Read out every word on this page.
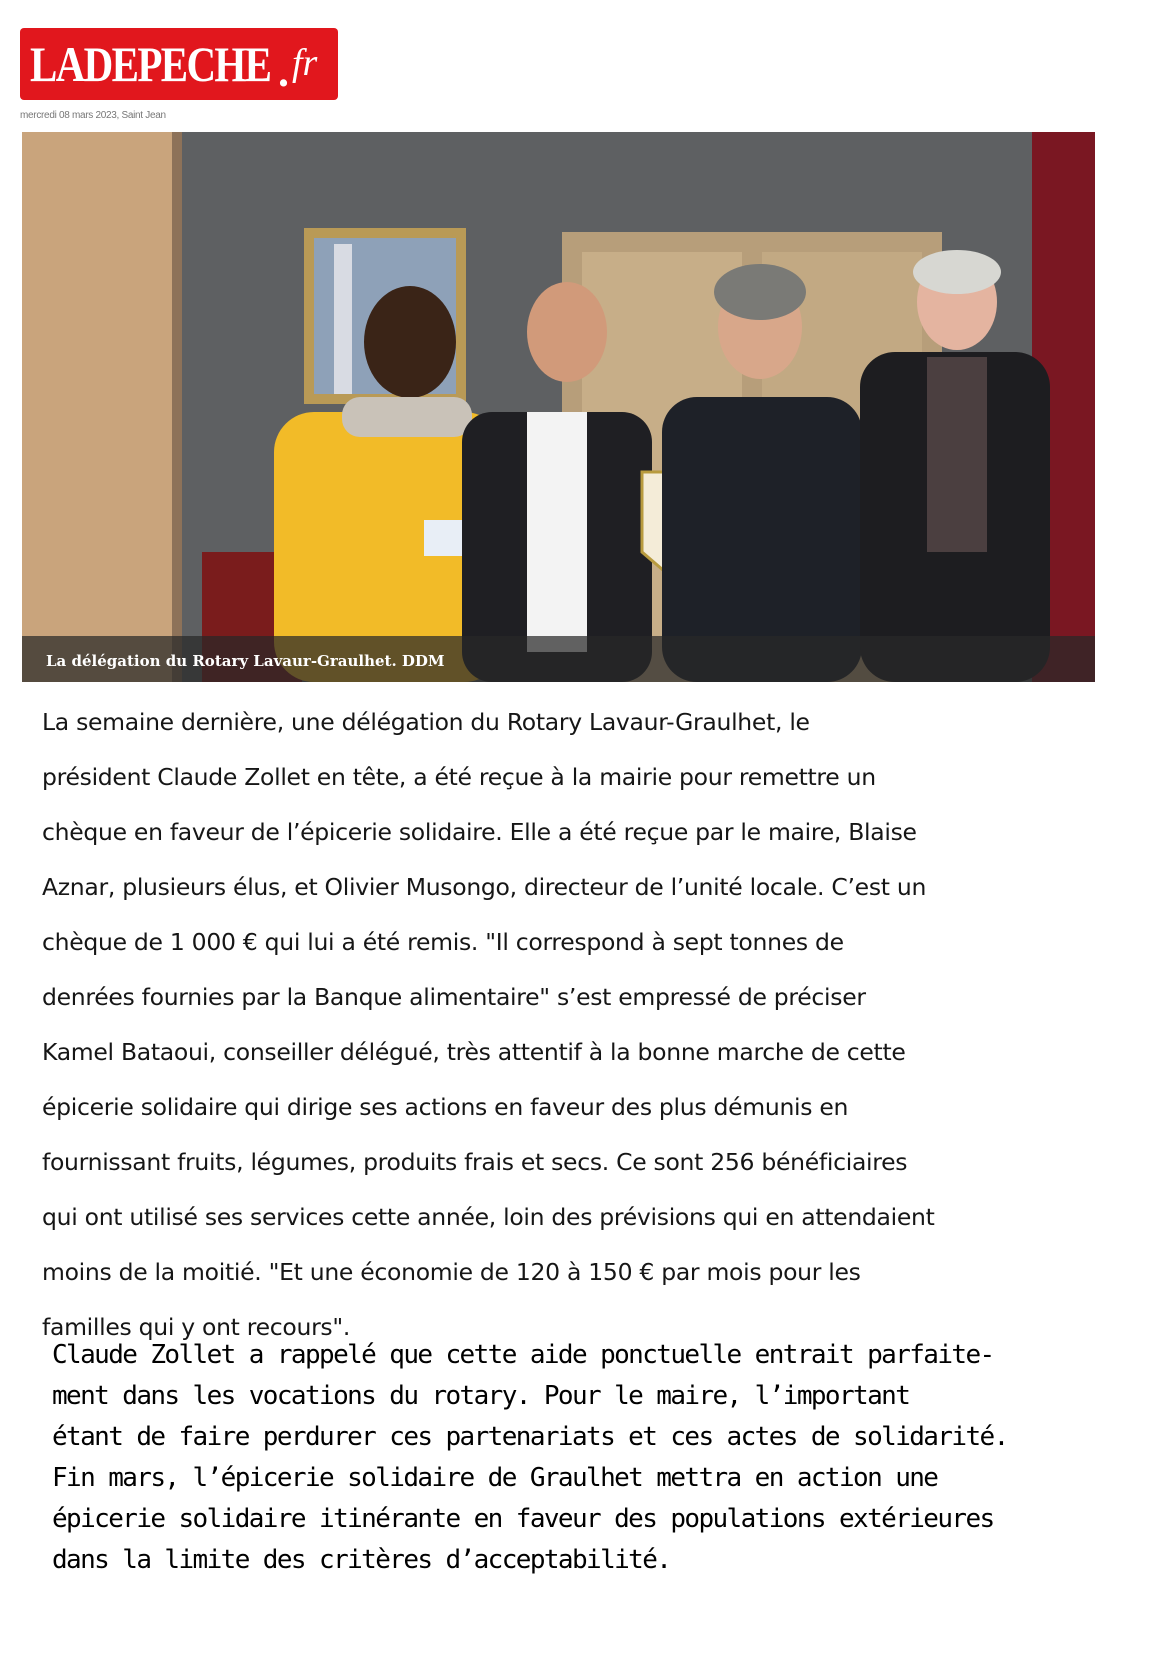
LADEPECHE . fr
mercredi 08 mars 2023, Saint Jean
La délégation du Rotary Lavaur-Graulhet. DDM
La semaine dernière, une délégation du Rotary Lavaur-Graulhet, le
président Claude Zollet en tête, a été reçue à la mairie pour remettre un
chèque en faveur de l’épicerie solidaire. Elle a été reçue par le maire, Blaise
Aznar, plusieurs élus, et Olivier Musongo, directeur de l’unité locale. C’est un
chèque de 1 000 € qui lui a été remis. "Il correspond à sept tonnes de
denrées fournies par la Banque alimentaire" s’est empressé de préciser
Kamel Bataoui, conseiller délégué, très attentif à la bonne marche de cette
épicerie solidaire qui dirige ses actions en faveur des plus démunis en
fournissant fruits, légumes, produits frais et secs. Ce sont 256 bénéficiaires
qui ont utilisé ses services cette année, loin des prévisions qui en attendaient
moins de la moitié. "Et une économie de 120 à 150 € par mois pour les
familles qui y ont recours".
Claude Zollet a rappelé que cette aide ponctuelle entrait parfaite-
ment dans les vocations du rotary. Pour le maire, l’important
étant de faire perdurer ces partenariats et ces actes de solidarité.
Fin mars, l’épicerie solidaire de Graulhet mettra en action une
épicerie solidaire itinérante en faveur des populations extérieures
dans la limite des critères d’acceptabilité.
